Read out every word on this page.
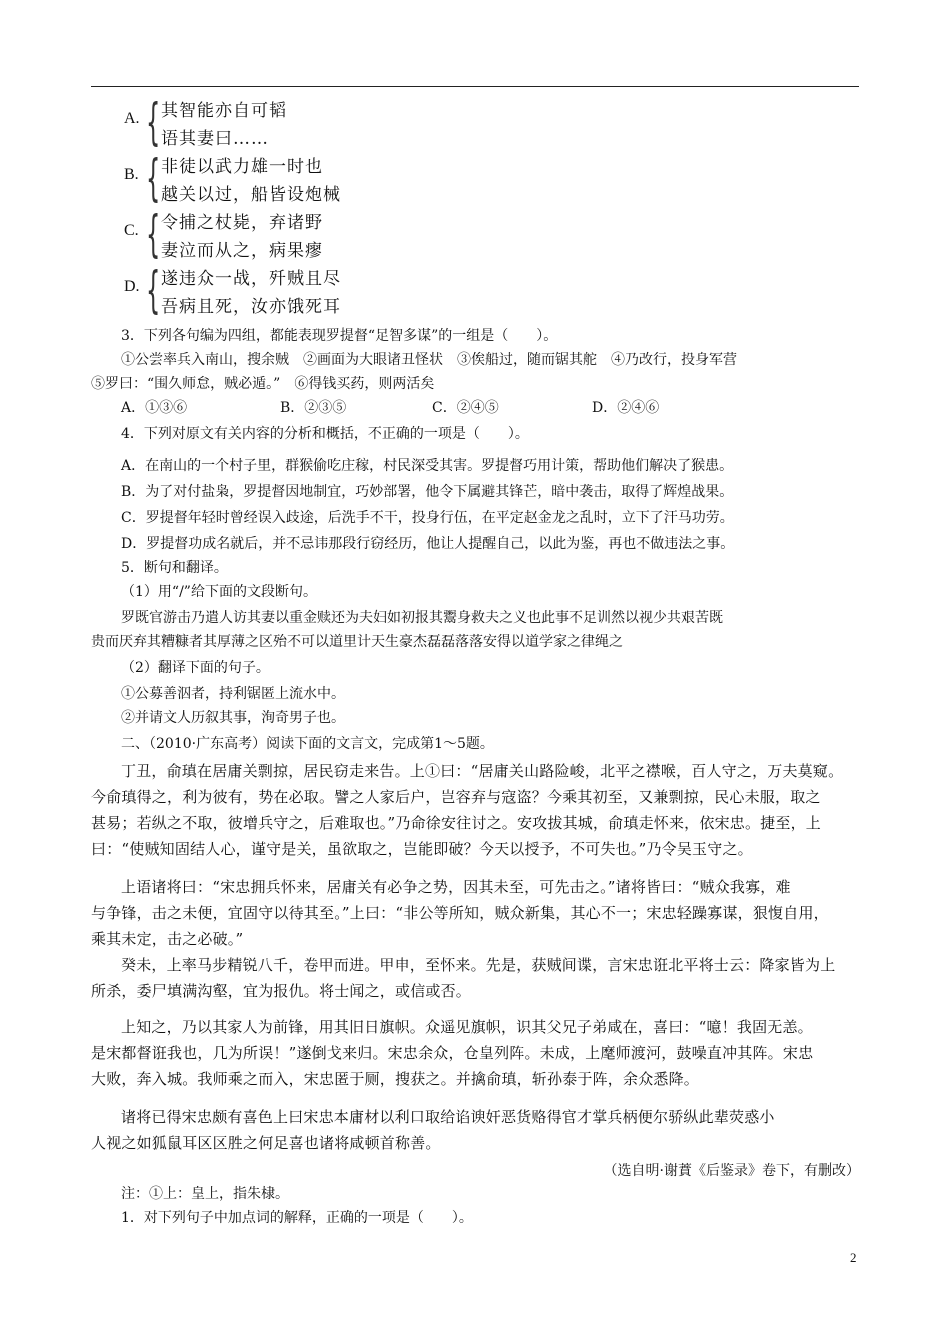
A. { 其智能亦自可韬
语其妻曰……
B. { 非徒以武力雄一时也
越关以过，船皆设炮械
C. { 令捕之杖毙，弃诸野
妻泣而从之，病果瘳
D. { 遂违众一战，歼贼且尽
吾病且死，汝亦饿死耳
3．下列各句编为四组，都能表现罗提督“足智多谋”的一组是（　　）。
①公尝率兵入南山，搜余贼　②画面为大眼诸丑怪状　③俟船过，随而锯其舵　④乃改行，投身军营
⑤罗曰：“围久师怠，贼必遁。”　⑥得钱买药，则两活矣
A．①③⑥	B．②③⑤	C．②④⑤	D．②④⑥
4．下列对原文有关内容的分析和概括，不正确的一项是（　　）。
A．在南山的一个村子里，群猴偷吃庄稼，村民深受其害。罗提督巧用计策，帮助他们解决了猴患。
B．为了对付盐枭，罗提督因地制宜，巧妙部署，他令下属避其锋芒，暗中袭击，取得了辉煌战果。
C．罗提督年轻时曾经误入歧途，后洗手不干，投身行伍，在平定赵金龙之乱时，立下了汗马功劳。
D．罗提督功成名就后，并不忌讳那段行窃经历，他让人提醒自己，以此为鉴，再也不做违法之事。
5．断句和翻译。
（1）用“/”给下面的文段断句。
罗既官游击乃遣人访其妻以重金赎还为夫妇如初报其鬻身救夫之义也此事不足训然以视少共艰苦既
贵而厌弃其糟糠者其厚薄之区殆不可以道里计天生豪杰磊磊落落安得以道学家之律绳之
（2）翻译下面的句子。
①公募善泅者，持利锯匿上流水中。
②并请文人历叙其事，洵奇男子也。
二、（2010·广东高考）阅读下面的文言文，完成第1～5题。
丁丑，俞瑱在居庸关剽掠，居民窃走来告。上①曰：“居庸关山路险峻，北平之襟喉，百人守之，万夫莫窥。
今俞瑱得之，利为彼有，势在必取。譬之人家后户，岂容弃与寇盗？今乘其初至，又兼剽掠，民心未服，取之
甚易；若纵之不取，彼增兵守之，后难取也。”乃命徐安往讨之。安攻拔其城，俞瑱走怀来，依宋忠。捷至，上
曰：“使贼知固结人心，谨守是关，虽欲取之，岂能即破？今天以授予，不可失也。”乃令吴玉守之。
上语诸将曰：“宋忠拥兵怀来，居庸关有必争之势，因其未至，可先击之。”诸将皆曰：“贼众我寡，难
与争锋，击之未便，宜固守以待其至。”上曰：“非公等所知，贼众新集，其心不一；宋忠轻躁寡谋，狠愎自用，
乘其未定，击之必破。”
癸未，上率马步精锐八千，卷甲而进。甲申，至怀来。先是，获贼间谍，言宋忠诳北平将士云：降家皆为上
所杀，委尸填满沟壑，宜为报仇。将士闻之，或信或否。
上知之，乃以其家人为前锋，用其旧日旗帜。众遥见旗帜，识其父兄子弟咸在，喜曰：“噫！我固无恙。
是宋都督诳我也，几为所误！”遂倒戈来归。宋忠余众，仓皇列阵。未成，上麾师渡河，鼓噪直冲其阵。宋忠
大败，奔入城。我师乘之而入，宋忠匿于厕，搜获之。并擒俞瑱，斩孙泰于阵，余众悉降。
诸将已得宋忠颇有喜色上曰宋忠本庸材以利口取给谄谀奸恶货赂得官才掌兵柄便尔骄纵此辈荧惑小
人视之如狐鼠耳区区胜之何足喜也诸将咸顿首称善。
（选自明·谢蕡《后鉴录》卷下，有删改）
注：①上：皇上，指朱棣。
1．对下列句子中加点词的解释，正确的一项是（　　）。
2
